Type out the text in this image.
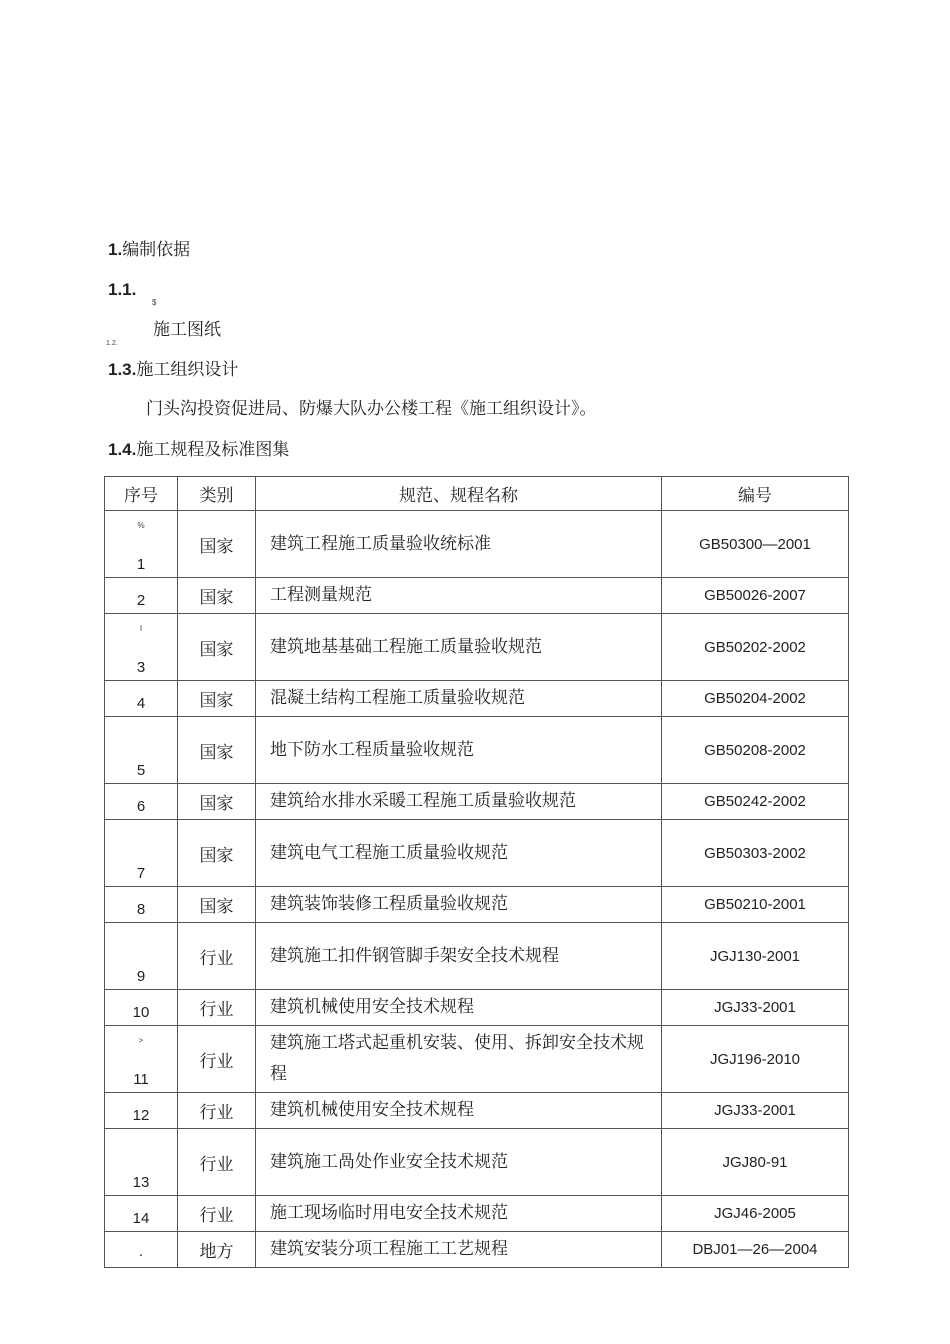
1.编制依据
1.1.
$
施工图纸
1.2.
1.3.施工组织设计
门头沟投资促进局、防爆大队办公楼工程《施工组织设计》。
1.4.施工规程及标准图集
序号	类别	规范、规程名称	编号

%
1	国家	建筑工程施工质量验收统标准	GB50300—2001

2	国家	工程测量规范	GB50026-2007

I
3	国家	建筑地基基础工程施工质量验收规范	GB50202-2002

4	国家	混凝土结构工程施工质量验收规范	GB50204-2002

5	国家	地下防水工程质量验收规范	GB50208-2002

6	国家	建筑给水排水采暖工程施工质量验收规范	GB50242-2002

7	国家	建筑电气工程施工质量验收规范	GB50303-2002

8	国家	建筑装饰装修工程质量验收规范	GB50210-2001

9	行业	建筑施工扣件钢管脚手架安全技术规程	JGJ130-2001

10	行业	建筑机械使用安全技术规程	JGJ33-2001

>
11	行业	建筑施工塔式起重机安装、使用、拆卸安全技术规程	JGJ196-2010

12	行业	建筑机械使用安全技术规程	JGJ33-2001

13	行业	建筑施工咼处作业安全技术规范	JGJ80-91

14	行业	施工现场临时用电安全技术规范	JGJ46-2005

·	地方	建筑安装分项工程施工工艺规程	DBJ01—26—2004
